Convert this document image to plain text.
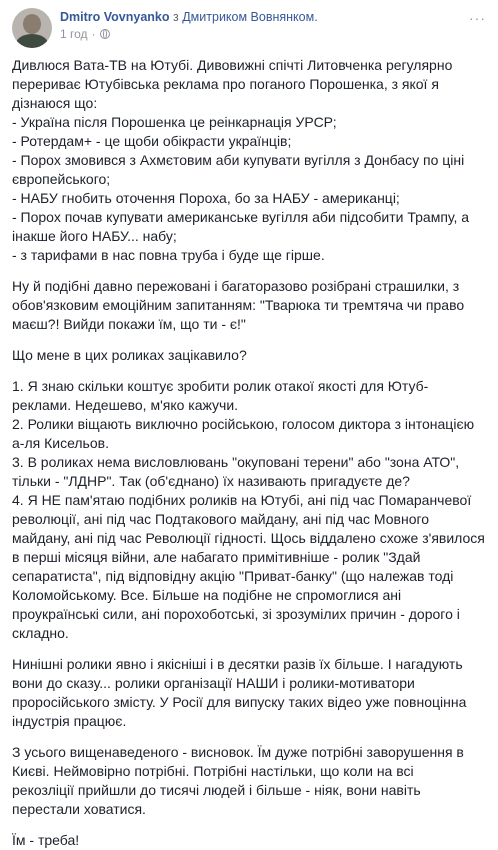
Dmitro Vovnyanko з Дмитриком Вовнянком.
1 год ·
···

Дивлюся Вата-ТВ на Ютубі. Дивовижні спічті Литовченка регулярно
перериває Ютубівська реклама про поганого Порошенка, з якої я
дізнаюся що:
- Україна після Порошенка це реінкарнація УРСР;
- Ротердам+ - це щоби обікрасти українців;
- Порох змовився з Ахмєтовим аби купувати вугілля з Донбасу по ціні
європейського;
- НАБУ гнобить оточення Пороха, бо за НАБУ - американці;
- Порох почав купувати американське вугілля аби підсобити Трампу, а
інакше його НАБУ... набу;
- з тарифами в нас повна труба і буде ще гірше.

Ну й подібні давно пережовані і багаторазово розібрані страшилки, з
обов'язковим емоційним запитанням: "Тварюка ти тремтяча чи право
маєш?! Вийди покажи їм, що ти - є!"

Що мене в цих роликах зацікавило?

1. Я знаю скільки коштує зробити ролик отакої якості для Ютуб-
реклами. Недешево, м'яко кажучи.
2. Ролики віщають виключно російською, голосом диктора з інтонацією
а-ля Кисельов.
3. В роликах нема висловлювань "окуповані терени" або "зона АТО",
тільки - "ЛДНР". Так (об'єднано) їх називають пригадуєте де?
4. Я НЕ пам'ятаю подібних роликів на Ютубі, ані під час Помаранчевої
революції, ані під час Подтакового майдану, ані під час Мовного
майдану, ані під час Революції гідності. Щось віддалено схоже з'явилося
в перші місяця війни, але набагато примітивніше - ролик "Здай
сепаратиста", під відповідну акцію "Приват-банку" (що належав тоді
Коломойському. Все. Більше на подібне не спромоглися ані
проукраїнські сили, ані порохоботські, зі зрозумілих причин - дорого і
складно.

Нинішні ролики явно і якісніші і в десятки разів їх більше. І нагадують
вони до сказу... ролики організації НАШИ і ролики-мотиватори
проросійського змісту. У Росії для випуску таких відео уже повноцінна
індустрія працює.

З усього вищенаведеного - висновок. Їм дуже потрібні заворушення в
Києві. Неймовірно потрібні. Потрібні настільки, що коли на всі
рекозліції прийшли до тисячі людей і більше - ніяк, вони навіть
перестали ховатися.

Їм - треба!
